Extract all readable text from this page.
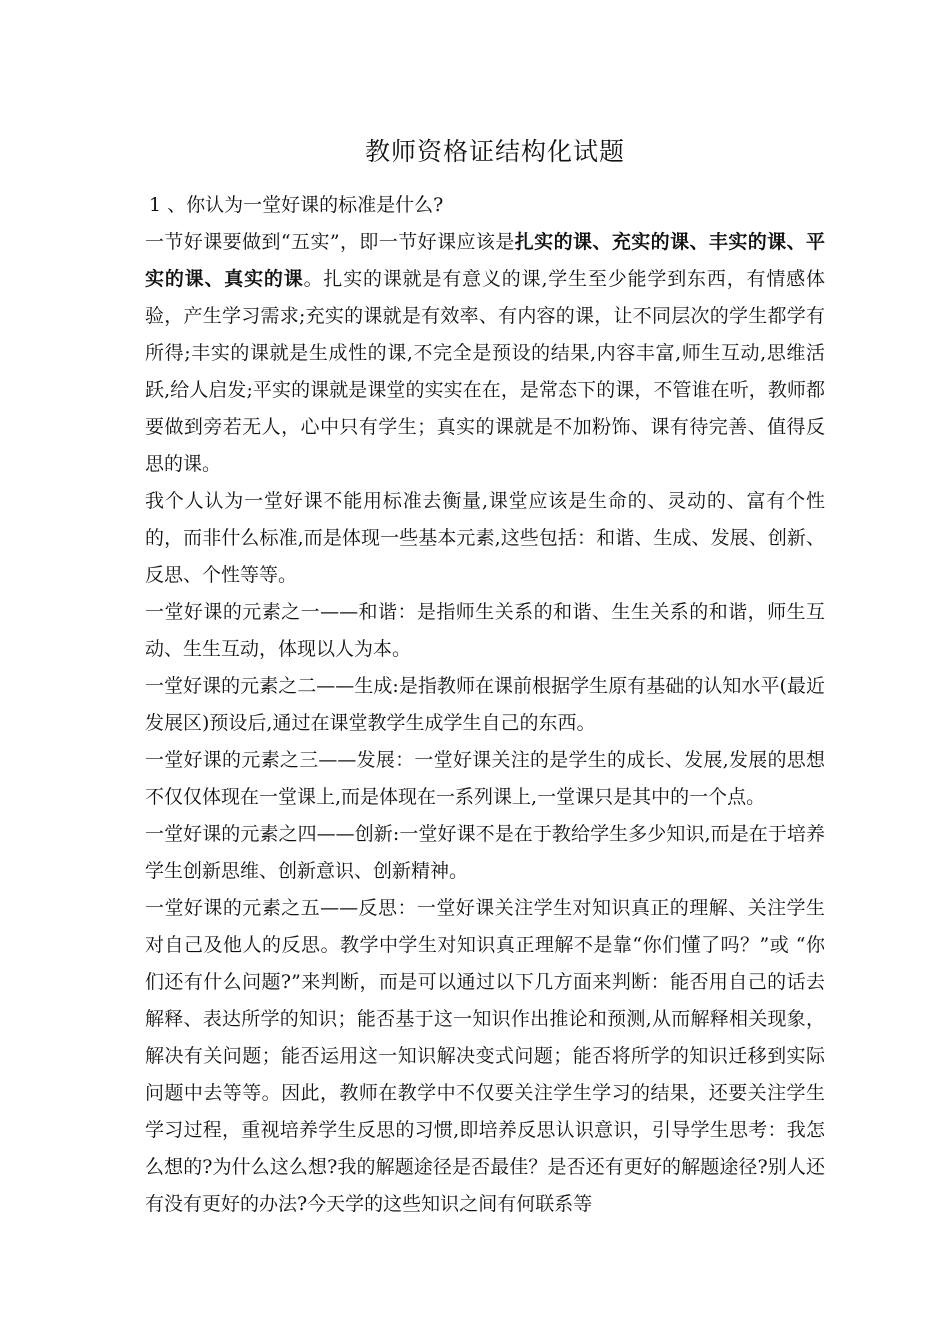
教师资格证结构化试题

1 、你认为一堂好课的标准是什么?

一节好课要做到“五实”，即一节好课应该是扎实的课、充实的课、丰实的课、平实的课、真实的课。扎实的课就是有意义的课,学生至少能学到东西，有情感体验，产生学习需求;充实的课就是有效率、有内容的课，让不同层次的学生都学有所得;丰实的课就是生成性的课,不完全是预设的结果,内容丰富,师生互动,思维活跃,给人启发;平实的课就是课堂的实实在在，是常态下的课，不管谁在听，教师都要做到旁若无人，心中只有学生；真实的课就是不加粉饰、课有待完善、值得反思的课。

我个人认为一堂好课不能用标准去衡量,课堂应该是生命的、灵动的、富有个性的，而非什么标准,而是体现一些基本元素,这些包括：和谐、生成、发展、创新、反思、个性等等。

一堂好课的元素之一——和谐：是指师生关系的和谐、生生关系的和谐，师生互动、生生互动，体现以人为本。

一堂好课的元素之二——生成:是指教师在课前根据学生原有基础的认知水平(最近发展区)预设后,通过在课堂教学生成学生自己的东西。

一堂好课的元素之三——发展：一堂好课关注的是学生的成长、发展,发展的思想不仅仅体现在一堂课上,而是体现在一系列课上,一堂课只是其中的一个点。

一堂好课的元素之四——创新:一堂好课不是在于教给学生多少知识,而是在于培养学生创新思维、创新意识、创新精神。

一堂好课的元素之五——反思：一堂好课关注学生对知识真正的理解、关注学生对自己及他人的反思。教学中学生对知识真正理解不是靠“你们懂了吗？”或 “你们还有什么问题?”来判断，而是可以通过以下几方面来判断：能否用自己的话去解释、表达所学的知识；能否基于这一知识作出推论和预测,从而解释相关现象，解决有关问题；能否运用这一知识解决变式问题；能否将所学的知识迁移到实际问题中去等等。因此，教师在教学中不仅要关注学生学习的结果，还要关注学生学习过程，重视培养学生反思的习惯,即培养反思认识意识，引导学生思考：我怎么想的?为什么这么想?我的解题途径是否最佳？是否还有更好的解题途径?别人还有没有更好的办法?今天学的这些知识之间有何联系等
